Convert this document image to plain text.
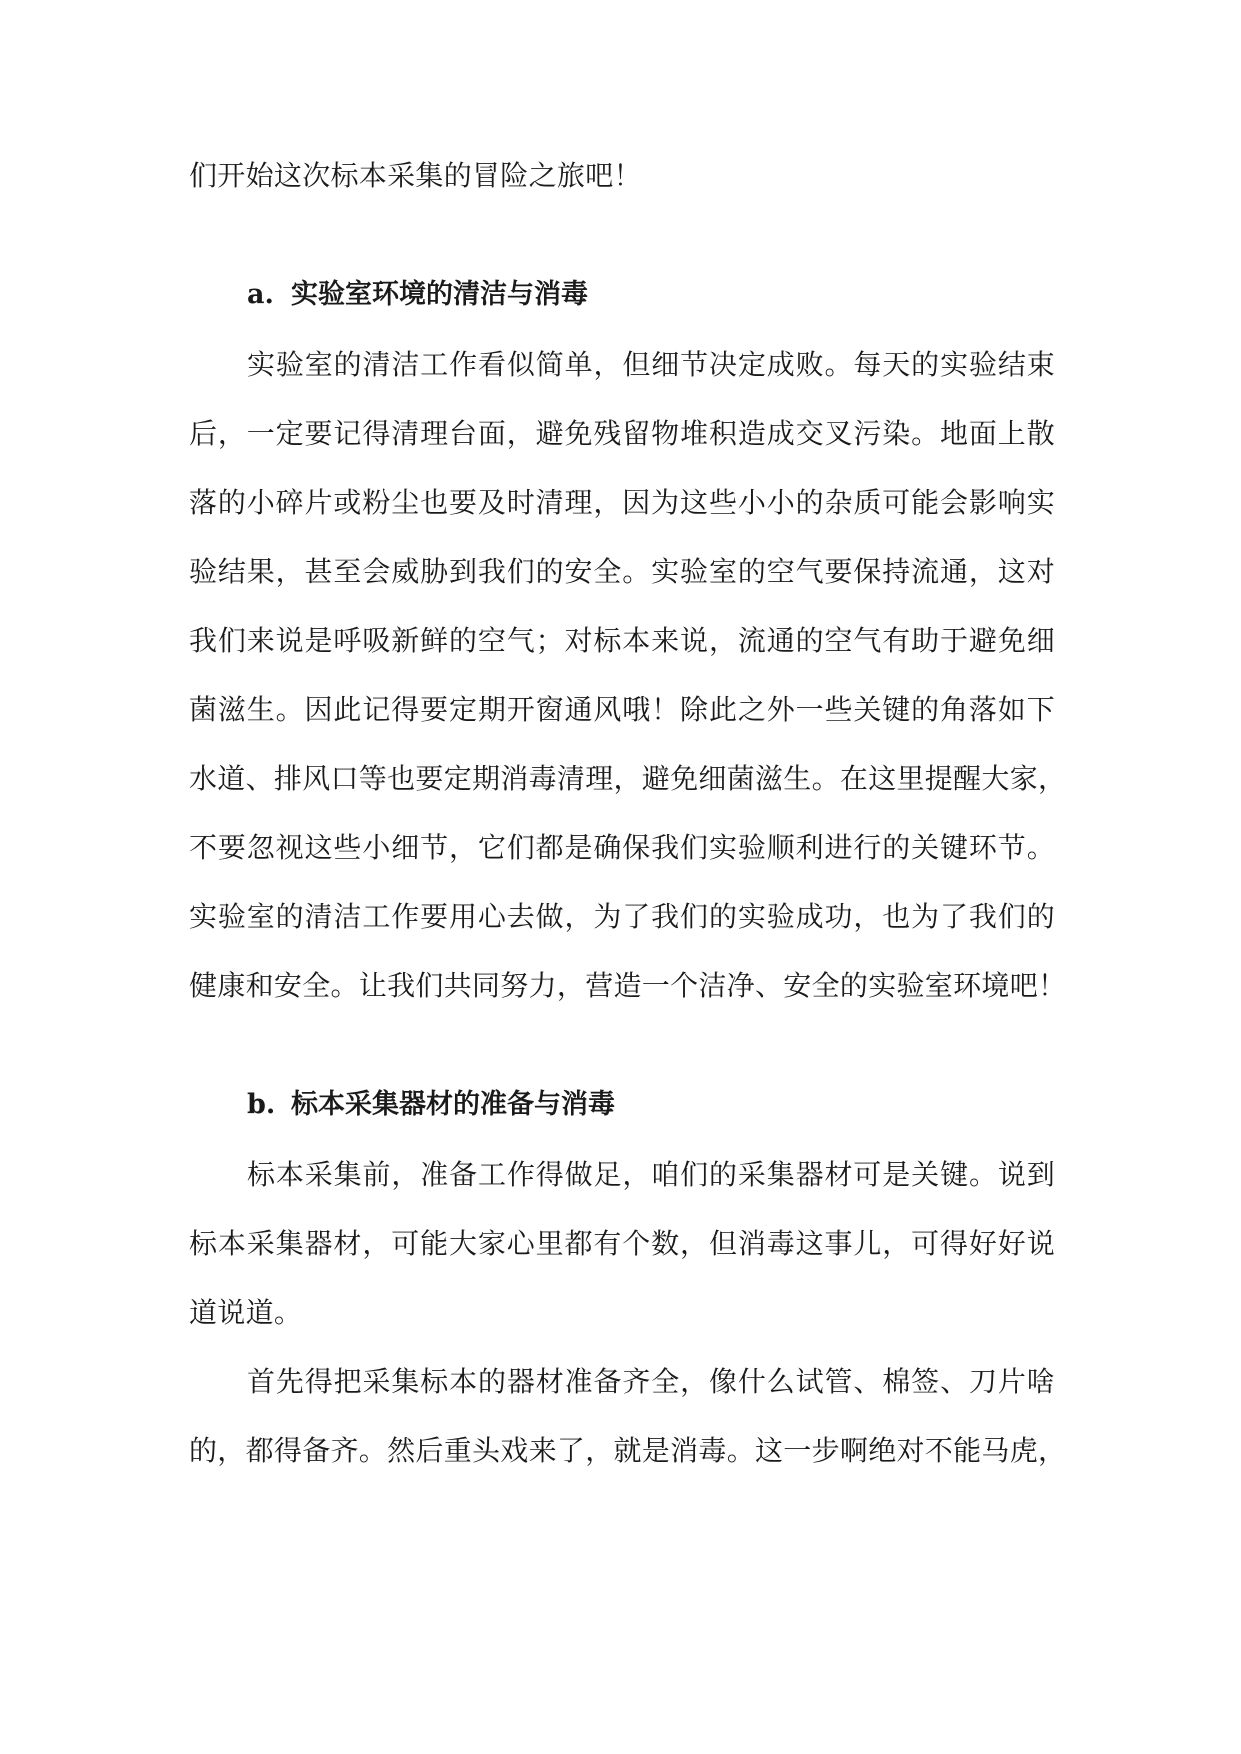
们开始这次标本采集的冒险之旅吧！
a. 实验室环境的清洁与消毒
实验室的清洁工作看似简单，但细节决定成败。每天的实验结束
后，一定要记得清理台面，避免残留物堆积造成交叉污染。地面上散
落的小碎片或粉尘也要及时清理，因为这些小小的杂质可能会影响实
验结果，甚至会威胁到我们的安全。实验室的空气要保持流通，这对
我们来说是呼吸新鲜的空气；对标本来说，流通的空气有助于避免细
菌滋生。因此记得要定期开窗通风哦！除此之外一些关键的角落如下
水道、排风口等也要定期消毒清理，避免细菌滋生。在这里提醒大家，
不要忽视这些小细节，它们都是确保我们实验顺利进行的关键环节。
实验室的清洁工作要用心去做，为了我们的实验成功，也为了我们的
健康和安全。让我们共同努力，营造一个洁净、安全的实验室环境吧！
b. 标本采集器材的准备与消毒
标本采集前，准备工作得做足，咱们的采集器材可是关键。说到
标本采集器材，可能大家心里都有个数，但消毒这事儿，可得好好说
道说道。
首先得把采集标本的器材准备齐全，像什么试管、棉签、刀片啥
的，都得备齐。然后重头戏来了，就是消毒。这一步啊绝对不能马虎，
